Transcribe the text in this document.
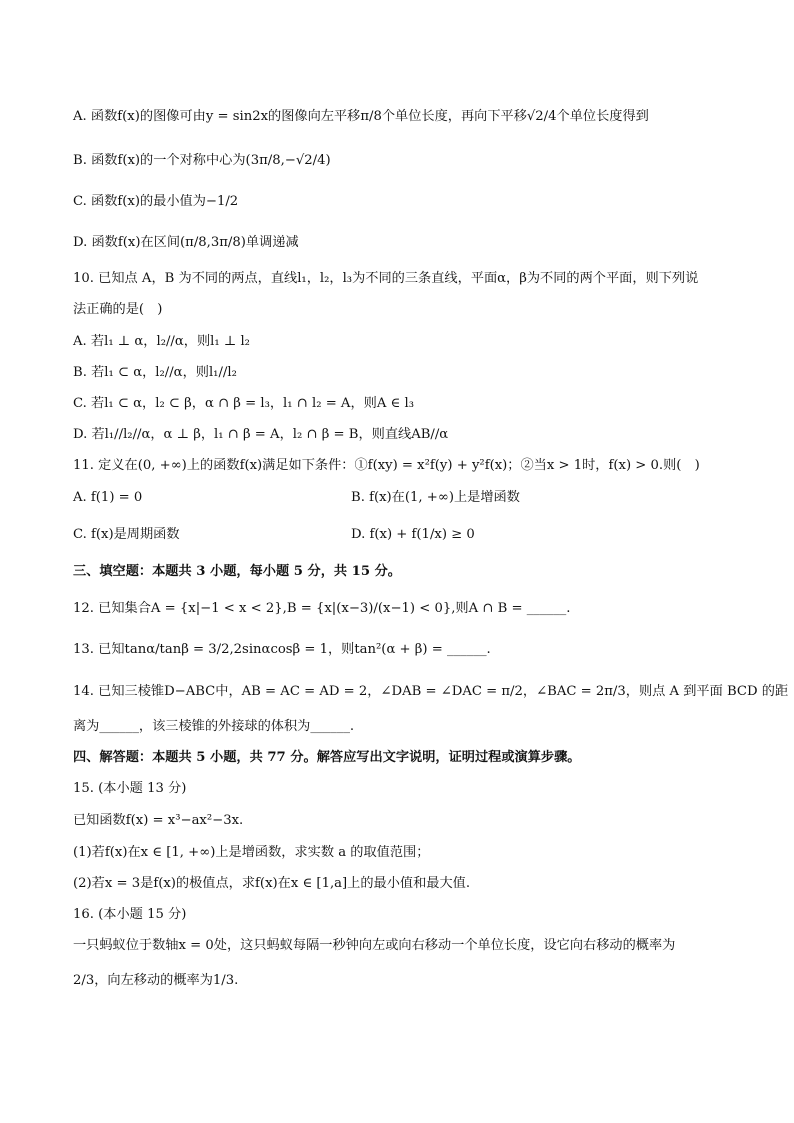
A. 函数f(x)的图像可由y = sin2x的图像向左平移π/8个单位长度，再向下平移√2/4个单位长度得到
B. 函数f(x)的一个对称中心为(3π/8,−√2/4)
C. 函数f(x)的最小值为−1/2
D. 函数f(x)在区间(π/8,3π/8)单调递减
10. 已知点 A，B 为不同的两点，直线l₁，l₂，l₃为不同的三条直线，平面α，β为不同的两个平面，则下列说
法正确的是(　)
A. 若l₁ ⊥ α，l₂//α，则l₁ ⊥ l₂
B. 若l₁ ⊂ α，l₂//α，则l₁//l₂
C. 若l₁ ⊂ α，l₂ ⊂ β，α ∩ β = l₃，l₁ ∩ l₂ = A，则A ∈ l₃
D. 若l₁//l₂//α，α ⊥ β，l₁ ∩ β = A，l₂ ∩ β = B，则直线AB//α
11. 定义在(0, +∞)上的函数f(x)满足如下条件：①f(xy) = x²f(y) + y²f(x)；②当x > 1时，f(x) > 0.则(　)
A. f(1) = 0	B. f(x)在(1, +∞)上是增函数
C. f(x)是周期函数	D. f(x) + f(1/x) ≥ 0
三、填空题：本题共 3 小题，每小题 5 分，共 15 分。
12. 已知集合A = {x|−1 < x < 2},B = {x|(x−3)/(x−1) < 0},则A ∩ B = ______.
13. 已知tanα/tanβ = 3/2,2sinαcosβ = 1，则tan²(α + β) = ______.
14. 已知三棱锥D−ABC中，AB = AC = AD = 2，∠DAB = ∠DAC = π/2，∠BAC = 2π/3，则点 A 到平面 BCD 的距
离为______，该三棱锥的外接球的体积为______.
四、解答题：本题共 5 小题，共 77 分。解答应写出文字说明，证明过程或演算步骤。
15. (本小题 13 分)
已知函数f(x) = x³−ax²−3x.
(1)若f(x)在x ∈ [1, +∞)上是增函数，求实数 a 的取值范围；
(2)若x = 3是f(x)的极值点，求f(x)在x ∈ [1,a]上的最小值和最大值.
16. (本小题 15 分)
一只蚂蚁位于数轴x = 0处，这只蚂蚁每隔一秒钟向左或向右移动一个单位长度，设它向右移动的概率为
2/3，向左移动的概率为1/3.
